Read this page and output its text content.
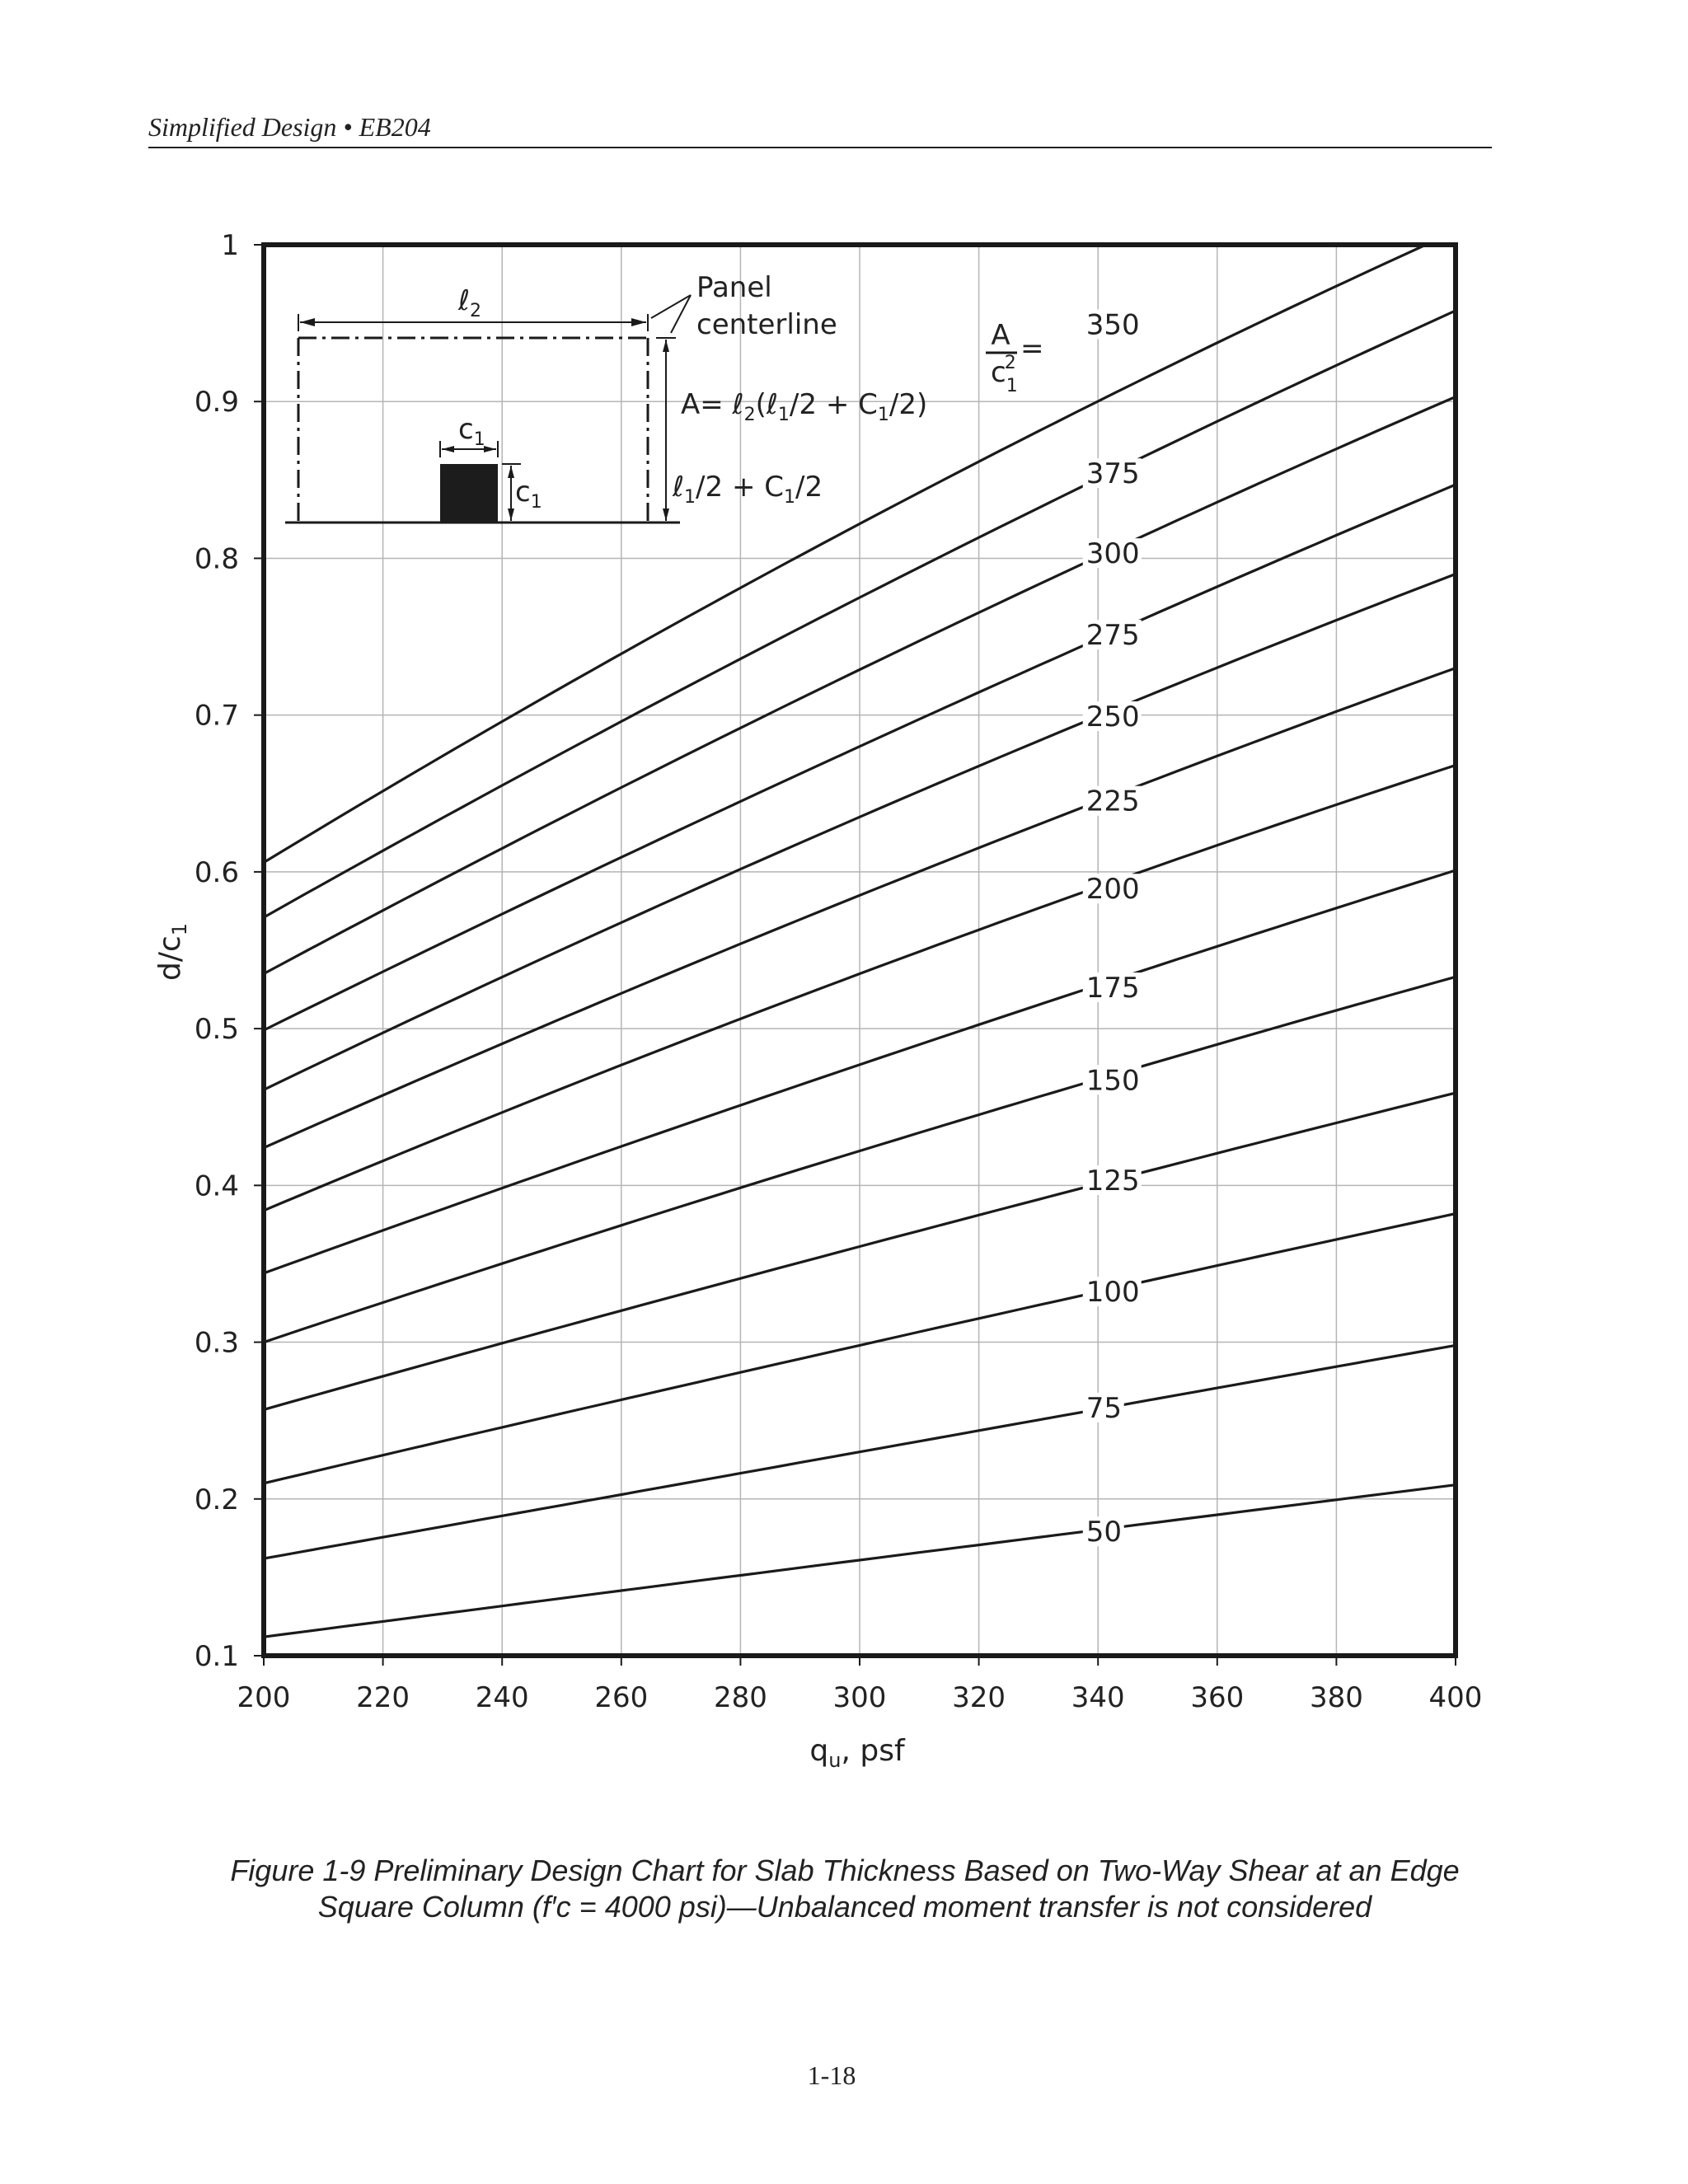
Simplified Design • EB204
200 220 240 260 280 300 320 340 360 380 400
0.1
0.2
0.3
0.4
0.5
0.6
0.7
0.8
0.9
1
350
375
300
275
250
225
200
175
150
125
100
75
50
$q_u$, psf
$d/c_1$
A
c2 1
=
ℓ$_2$
Panel
centerline
$c_1$
$c_1$
A= ℓ$_2$(ℓ$_1$/2 + $C_1/2$)
ℓ$_1$/2 + $C_1/2$
Figure 1-9 Preliminary Design Chart for Slab Thickness Based on Two-Way Shear at an Edge
Square Column (f′c = 4000 psi)—Unbalanced moment transfer is not considered
1-18
